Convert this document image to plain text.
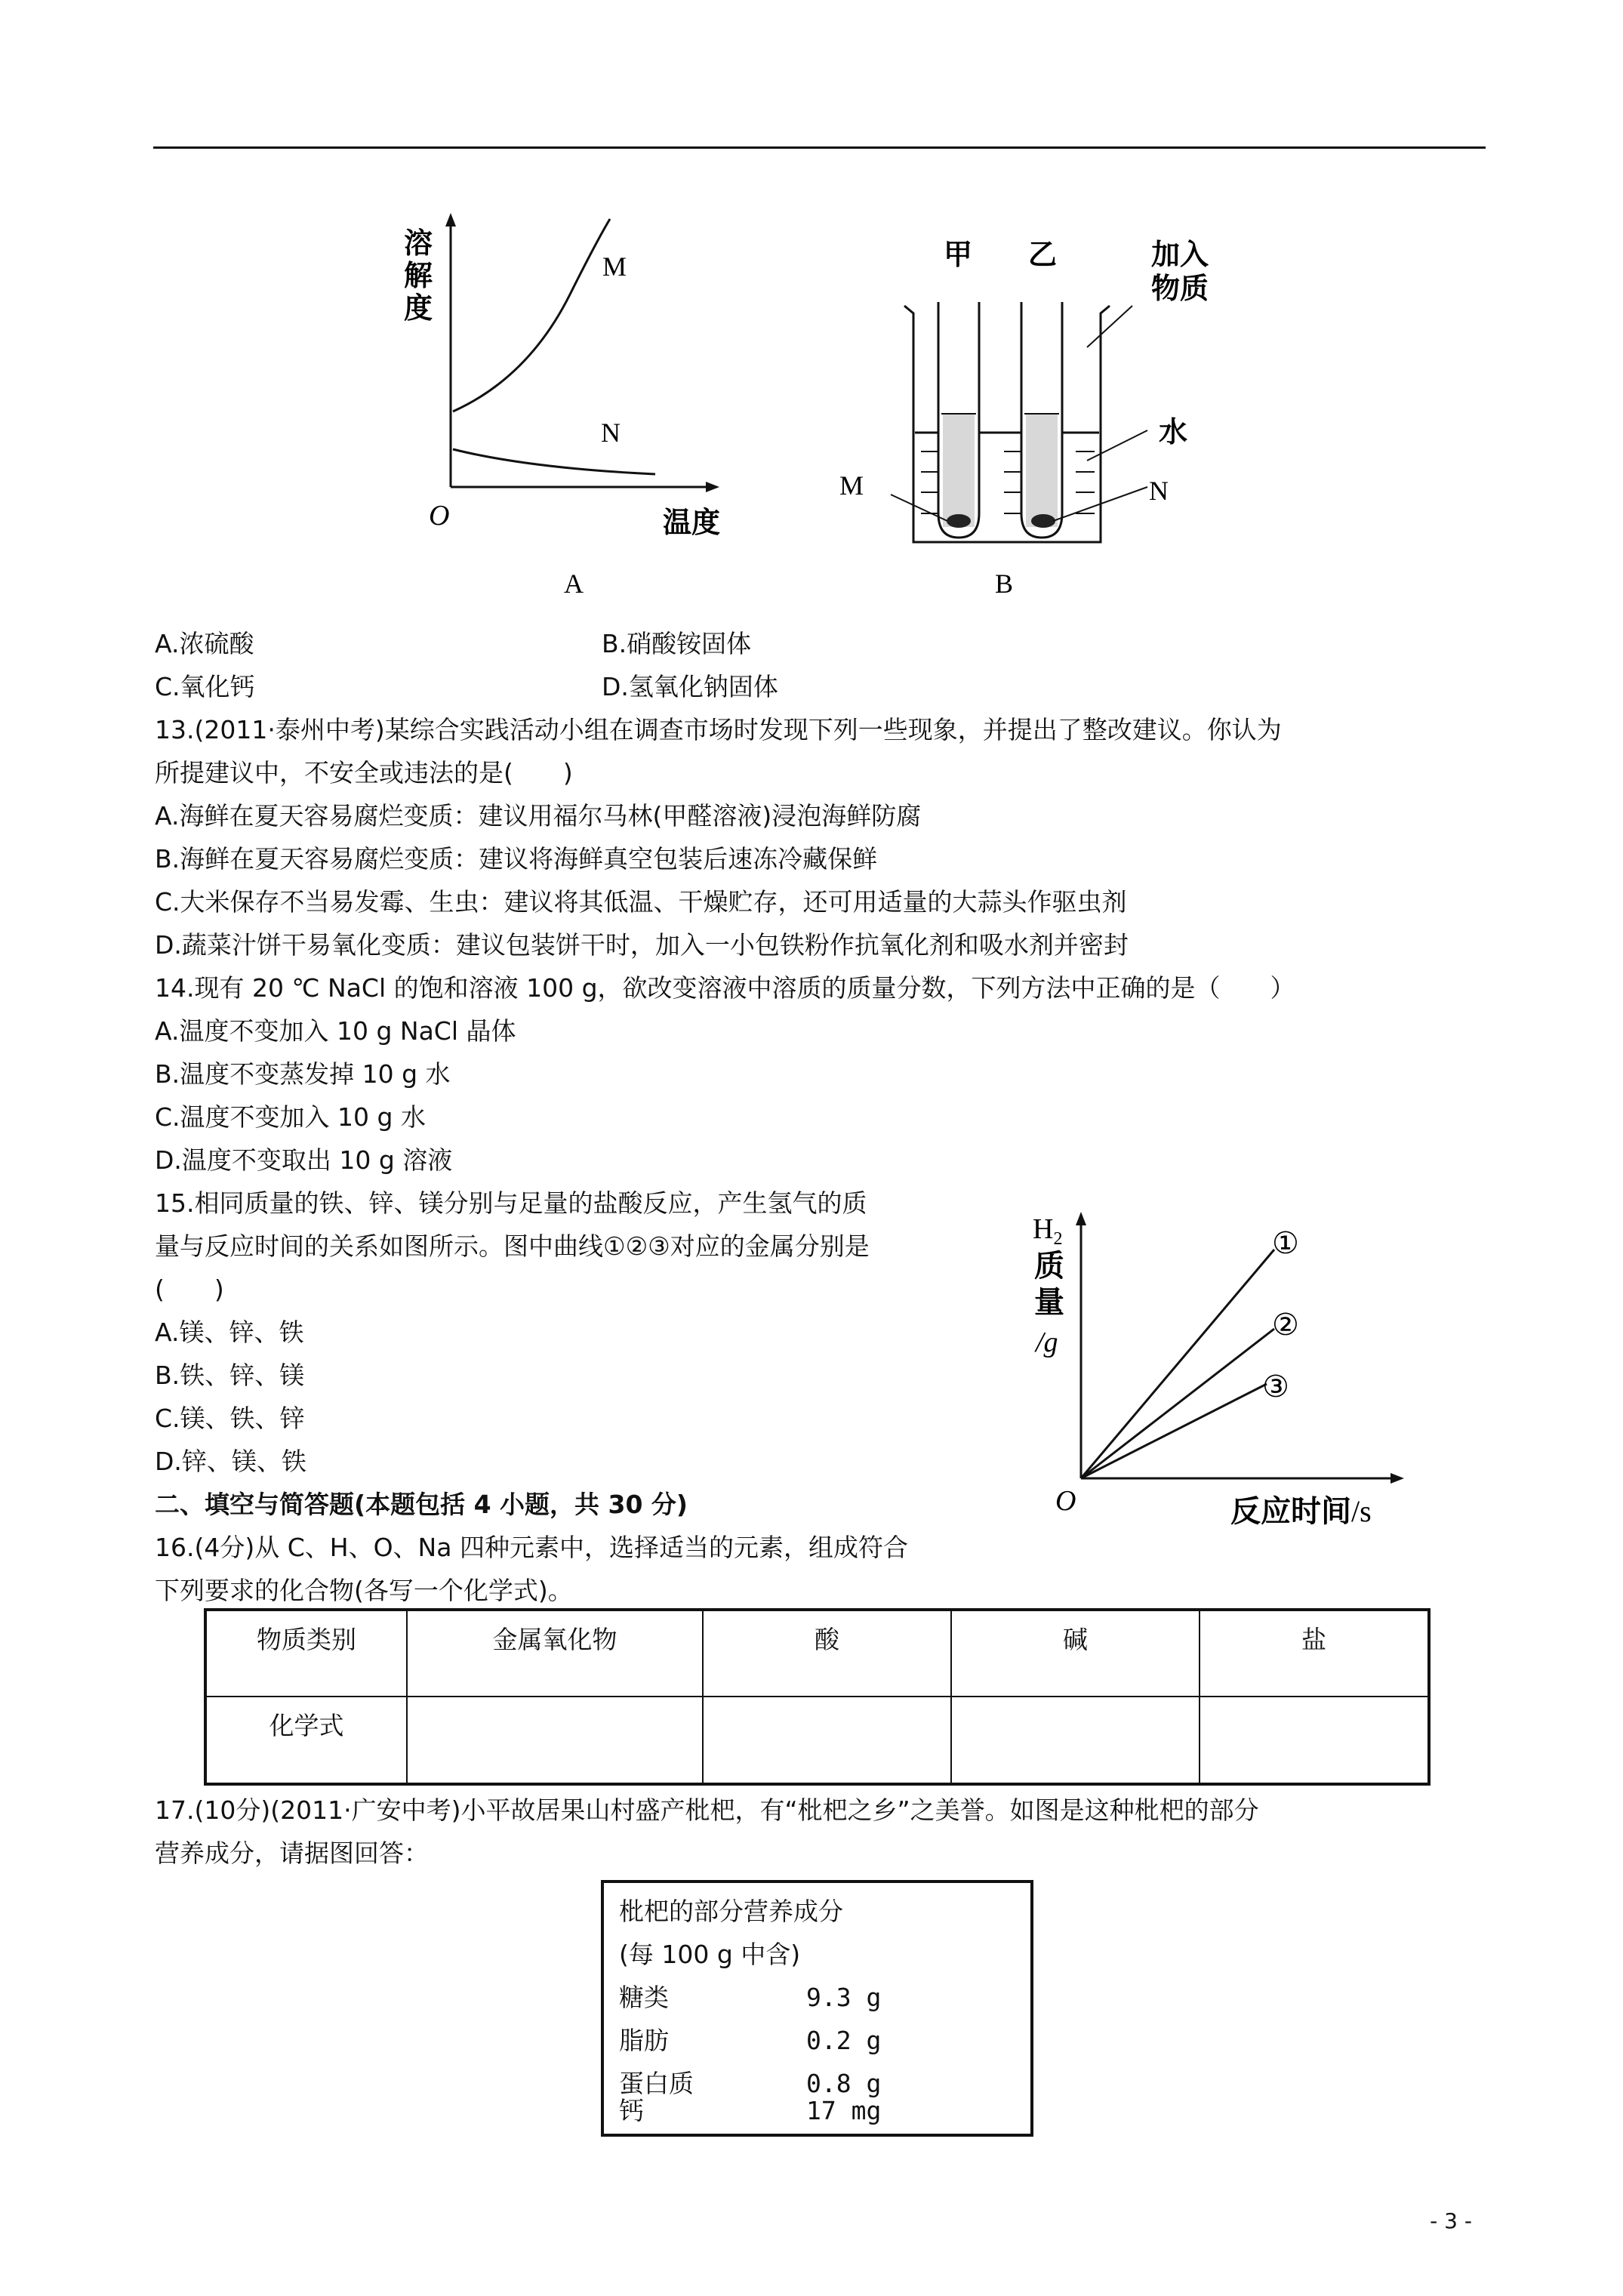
溶
解
度
M
N
O	温度
A
甲 乙	加入
物质
水
M	N
B
A.浓硫酸	B.硝酸铵固体
C.氧化钙	D.氢氧化钠固体
13.(2011·泰州中考)某综合实践活动小组在调查市场时发现下列一些现象，并提出了整改建议。你认为
所提建议中，不安全或违法的是(　　)
A.海鲜在夏天容易腐烂变质：建议用福尔马林(甲醛溶液)浸泡海鲜防腐
B.海鲜在夏天容易腐烂变质：建议将海鲜真空包装后速冻冷藏保鲜
C.大米保存不当易发霉、生虫：建议将其低温、干燥贮存，还可用适量的大蒜头作驱虫剂
D.蔬菜汁饼干易氧化变质：建议包装饼干时，加入一小包铁粉作抗氧化剂和吸水剂并密封
14.现有 20 ℃ NaCl 的饱和溶液 100 g，欲改变溶液中溶质的质量分数，下列方法中正确的是（　　）
A.温度不变加入 10 g NaCl 晶体
B.温度不变蒸发掉 10 g 水
C.温度不变加入 10 g 水
D.温度不变取出 10 g 溶液
15.相同质量的铁、锌、镁分别与足量的盐酸反应，产生氢气的质
量与反应时间的关系如图所示。图中曲线①②③对应的金属分别是
(　　)
A.镁、锌、铁
B.铁、锌、镁
C.镁、铁、锌
D.锌、镁、铁
$H_2$
质
量
/g
①
②
③
O	反应时间/s
二、填空与简答题(本题包括 4 小题，共 30 分)
16.(4分)从 C、H、O、Na 四种元素中，选择适当的元素，组成符合
下列要求的化合物(各写一个化学式)。
物质类别	金属氧化物	酸	碱	盐
化学式				
17.(10分)(2011·广安中考)小平故居果山村盛产枇杷，有“枇杷之乡”之美誉。如图是这种枇杷的部分
营养成分，请据图回答：
枇杷的部分营养成分
(每 100 g 中含)
糖类	9.3 g
脂肪	0.2 g
蛋白质	0.8 g
钙	17 mg
- 3 -
